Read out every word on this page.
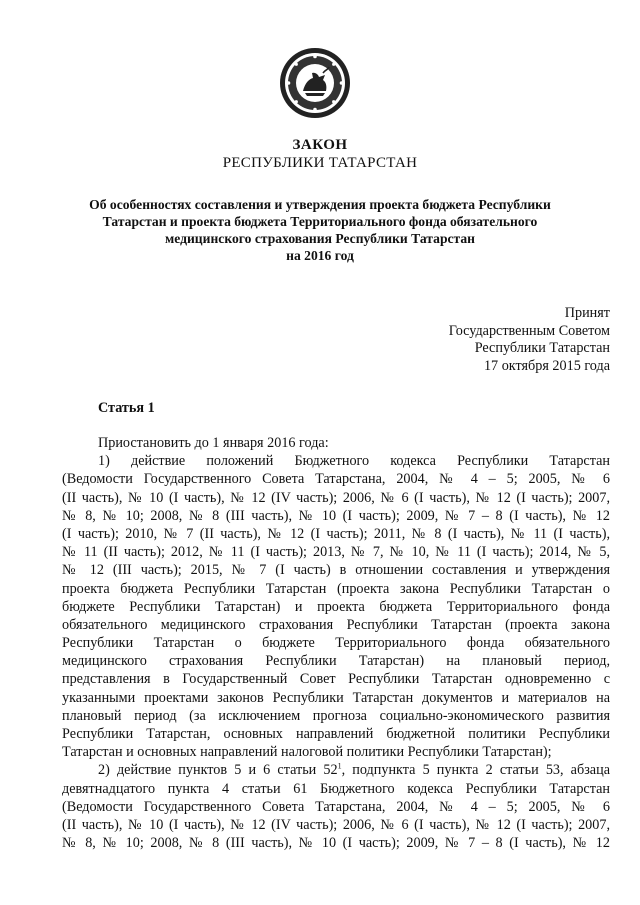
ЗАКОН
РЕСПУБЛИКИ ТАТАРСТАН
Об особенностях составления и утверждения проекта бюджета Республики
Татарстан и проекта бюджета Территориального фонда обязательного
медицинского страхования Республики Татарстан
на 2016 год
Принят
Государственным Советом
Республики Татарстан
17 октября 2015 года
Статья 1
Приостановить до 1 января 2016 года:
1) действие положений Бюджетного кодекса Республики Татарстан
(Ведомости Государственного Совета Татарстана, 2004, № 4 – 5; 2005, № 6
(II часть), № 10 (I часть), № 12 (IV часть); 2006, № 6 (I часть), № 12 (I часть); 2007,
№ 8, № 10; 2008, № 8 (III часть), № 10 (I часть); 2009, № 7 – 8 (I часть), № 12
(I часть); 2010, № 7 (II часть), № 12 (I часть); 2011, № 8 (I часть), № 11 (I часть),
№ 11 (II часть); 2012, № 11 (I часть); 2013, № 7, № 10, № 11 (I часть); 2014, № 5,
№ 12 (III часть); 2015, № 7 (I часть) в отношении составления и утверждения
проекта бюджета Республики Татарстан (проекта закона Республики Татарстан о
бюджете Республики Татарстан) и проекта бюджета Территориального фонда
обязательного медицинского страхования Республики Татарстан (проекта закона
Республики Татарстан о бюджете Территориального фонда обязательного
медицинского страхования Республики Татарстан) на плановый период,
представления в Государственный Совет Республики Татарстан одновременно с
указанными проектами законов Республики Татарстан документов и материалов на
плановый период (за исключением прогноза социально-экономического развития
Республики Татарстан, основных направлений бюджетной политики Республики
Татарстан и основных направлений налоговой политики Республики Татарстан);
2) действие пунктов 5 и 6 статьи $52^1$, подпункта 5 пункта 2 статьи 53, абзаца
девятнадцатого пункта 4 статьи 61 Бюджетного кодекса Республики Татарстан
(Ведомости Государственного Совета Татарстана, 2004, № 4 – 5; 2005, № 6
(II часть), № 10 (I часть), № 12 (IV часть); 2006, № 6 (I часть), № 12 (I часть); 2007,
№ 8, № 10; 2008, № 8 (III часть), № 10 (I часть); 2009, № 7 – 8 (I часть), № 12
